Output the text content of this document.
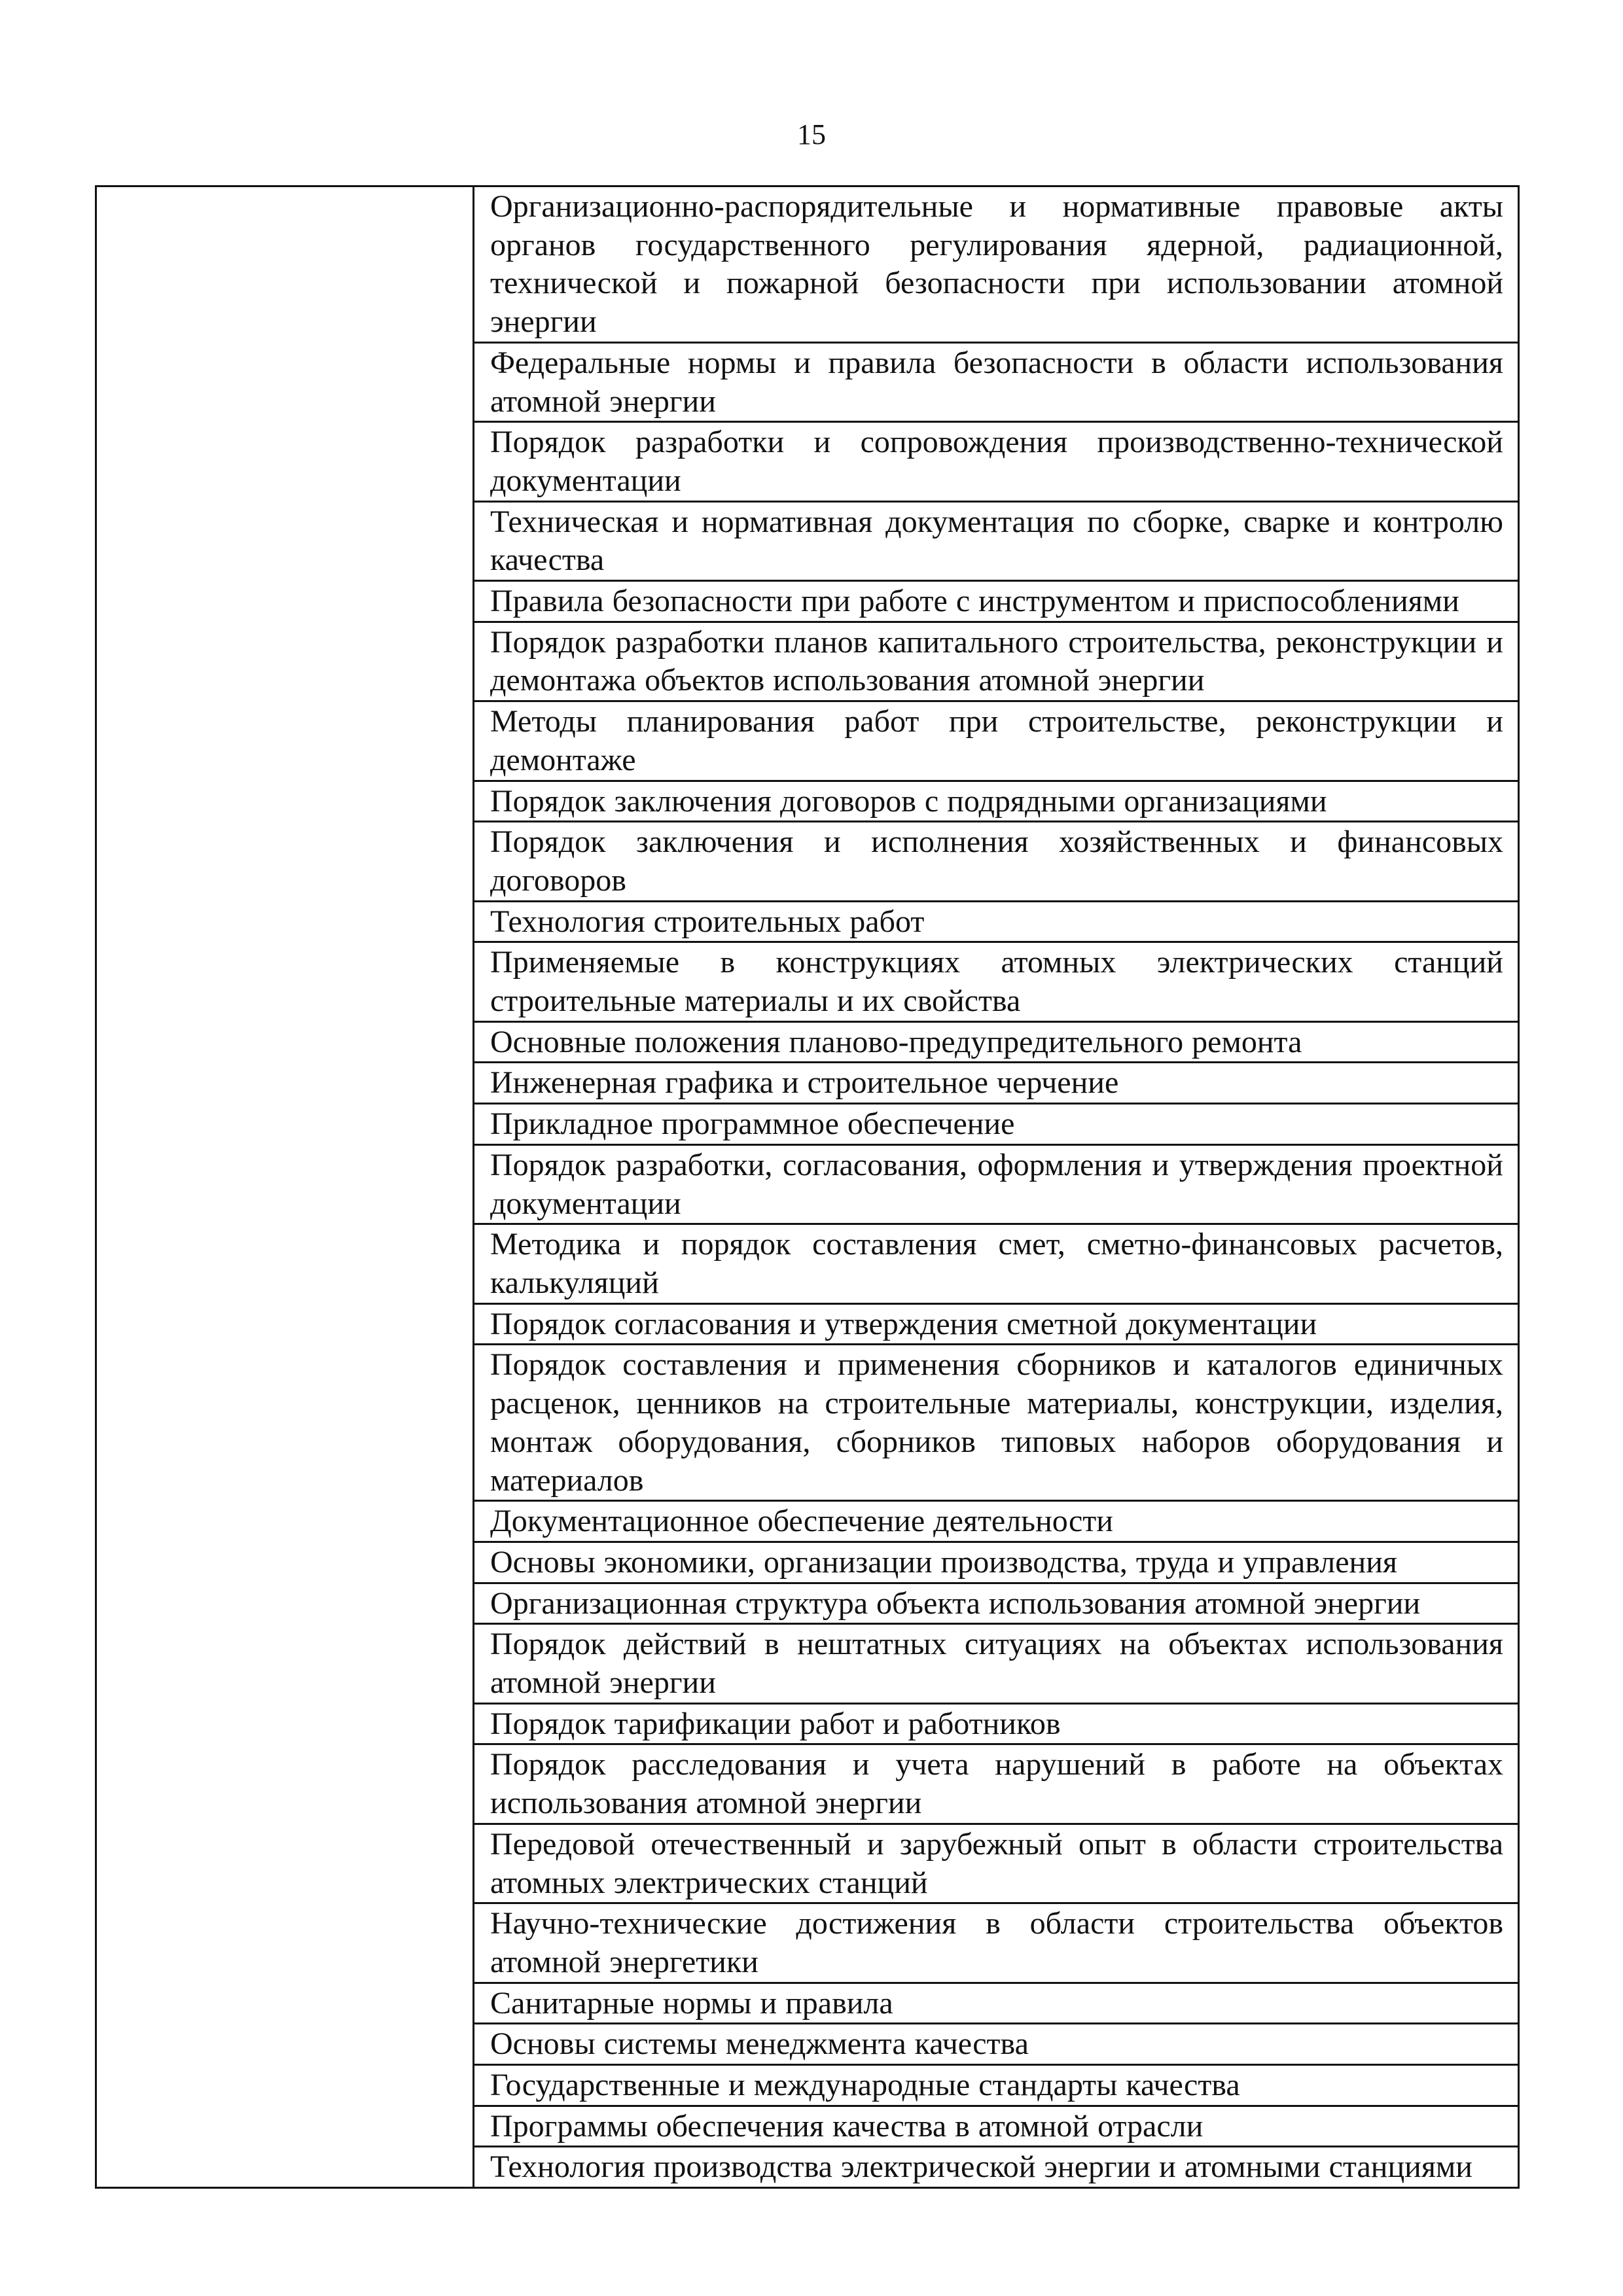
15

Организационно-распорядительные и нормативные правовые акты органов государственного регулирования ядерной, радиационной, технической и пожарной безопасности при использовании атомной энергии
Федеральные нормы и правила безопасности в области использования атомной энергии
Порядок разработки и сопровождения производственно-технической документации
Техническая и нормативная документация по сборке, сварке и контролю качества
Правила безопасности при работе с инструментом и приспособлениями
Порядок разработки планов капитального строительства, реконструкции и демонтажа объектов использования атомной энергии
Методы планирования работ при строительстве, реконструкции и демонтаже
Порядок заключения договоров с подрядными организациями
Порядок заключения и исполнения хозяйственных и финансовых договоров
Технология строительных работ
Применяемые в конструкциях атомных электрических станций строительные материалы и их свойства
Основные положения планово-предупредительного ремонта
Инженерная графика и строительное черчение
Прикладное программное обеспечение
Порядок разработки, согласования, оформления и утверждения проектной документации
Методика и порядок составления смет, сметно-финансовых расчетов, калькуляций
Порядок согласования и утверждения сметной документации
Порядок составления и применения сборников и каталогов единичных расценок, ценников на строительные материалы, конструкции, изделия, монтаж оборудования, сборников типовых наборов оборудования и материалов
Документационное обеспечение деятельности
Основы экономики, организации производства, труда и управления
Организационная структура объекта использования атомной энергии
Порядок действий в нештатных ситуациях на объектах использования атомной энергии
Порядок тарификации работ и работников
Порядок расследования и учета нарушений в работе на объектах использования атомной энергии
Передовой отечественный и зарубежный опыт в области строительства атомных электрических станций
Научно-технические достижения в области строительства объектов атомной энергетики
Санитарные нормы и правила
Основы системы менеджмента качества
Государственные и международные стандарты качества
Программы обеспечения качества в атомной отрасли
Технология производства электрической энергии и атомными станциями
